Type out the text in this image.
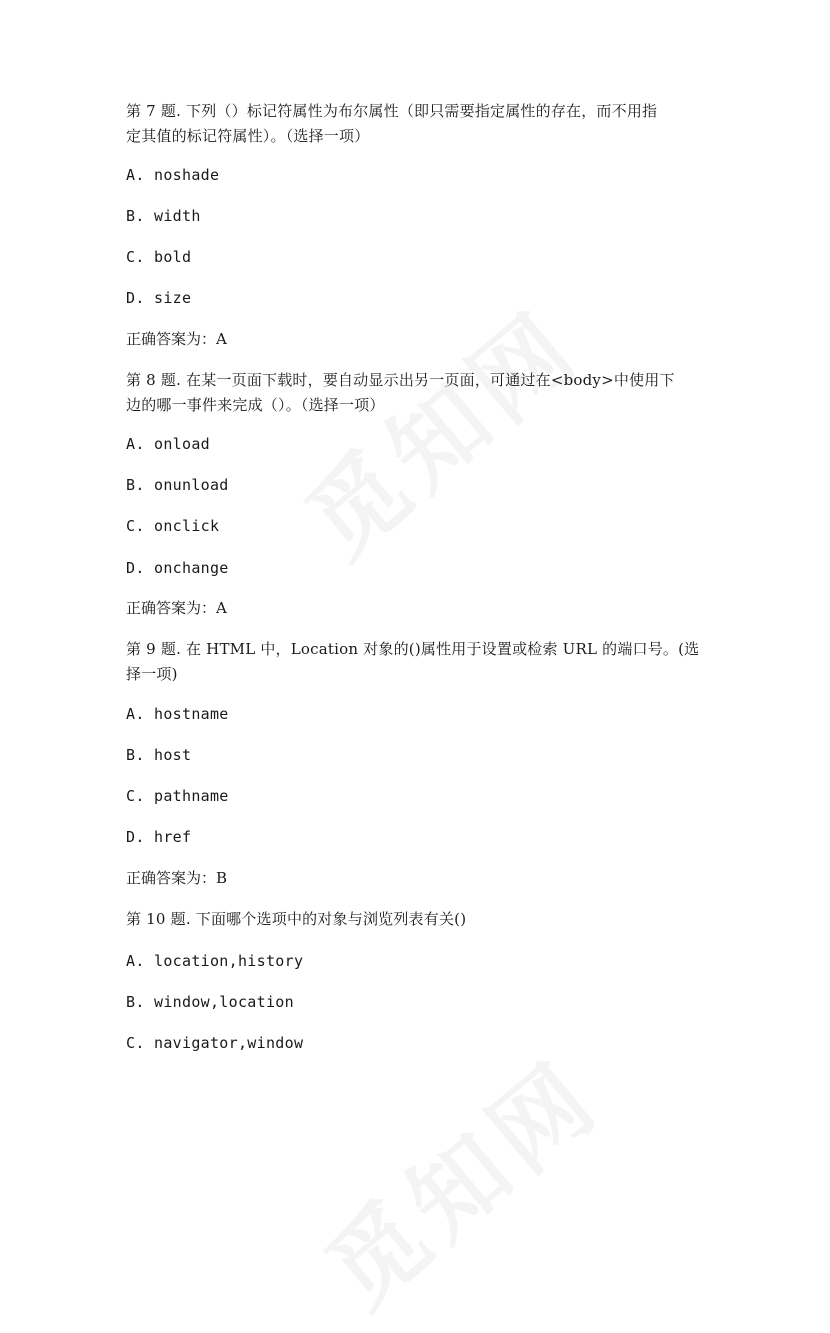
第 7 题. 下列（）标记符属性为布尔属性（即只需要指定属性的存在，而不用指
定其值的标记符属性）。（选择一项）
A. noshade
B. width
C. bold
D. size
正确答案为：A
第 8 题. 在某一页面下载时，要自动显示出另一页面，可通过在<body>中使用下
边的哪一事件来完成（）。（选择一项）
A. onload
B. onunload
C. onclick
D. onchange
正确答案为：A
第 9 题. 在 HTML 中，Location 对象的()属性用于设置或检索 URL 的端口号。(选
择一项)
A. hostname
B. host
C. pathname
D. href
正确答案为：B
第 10 题. 下面哪个选项中的对象与浏览列表有关()
A. location,history
B. window,location
C. navigator,window
